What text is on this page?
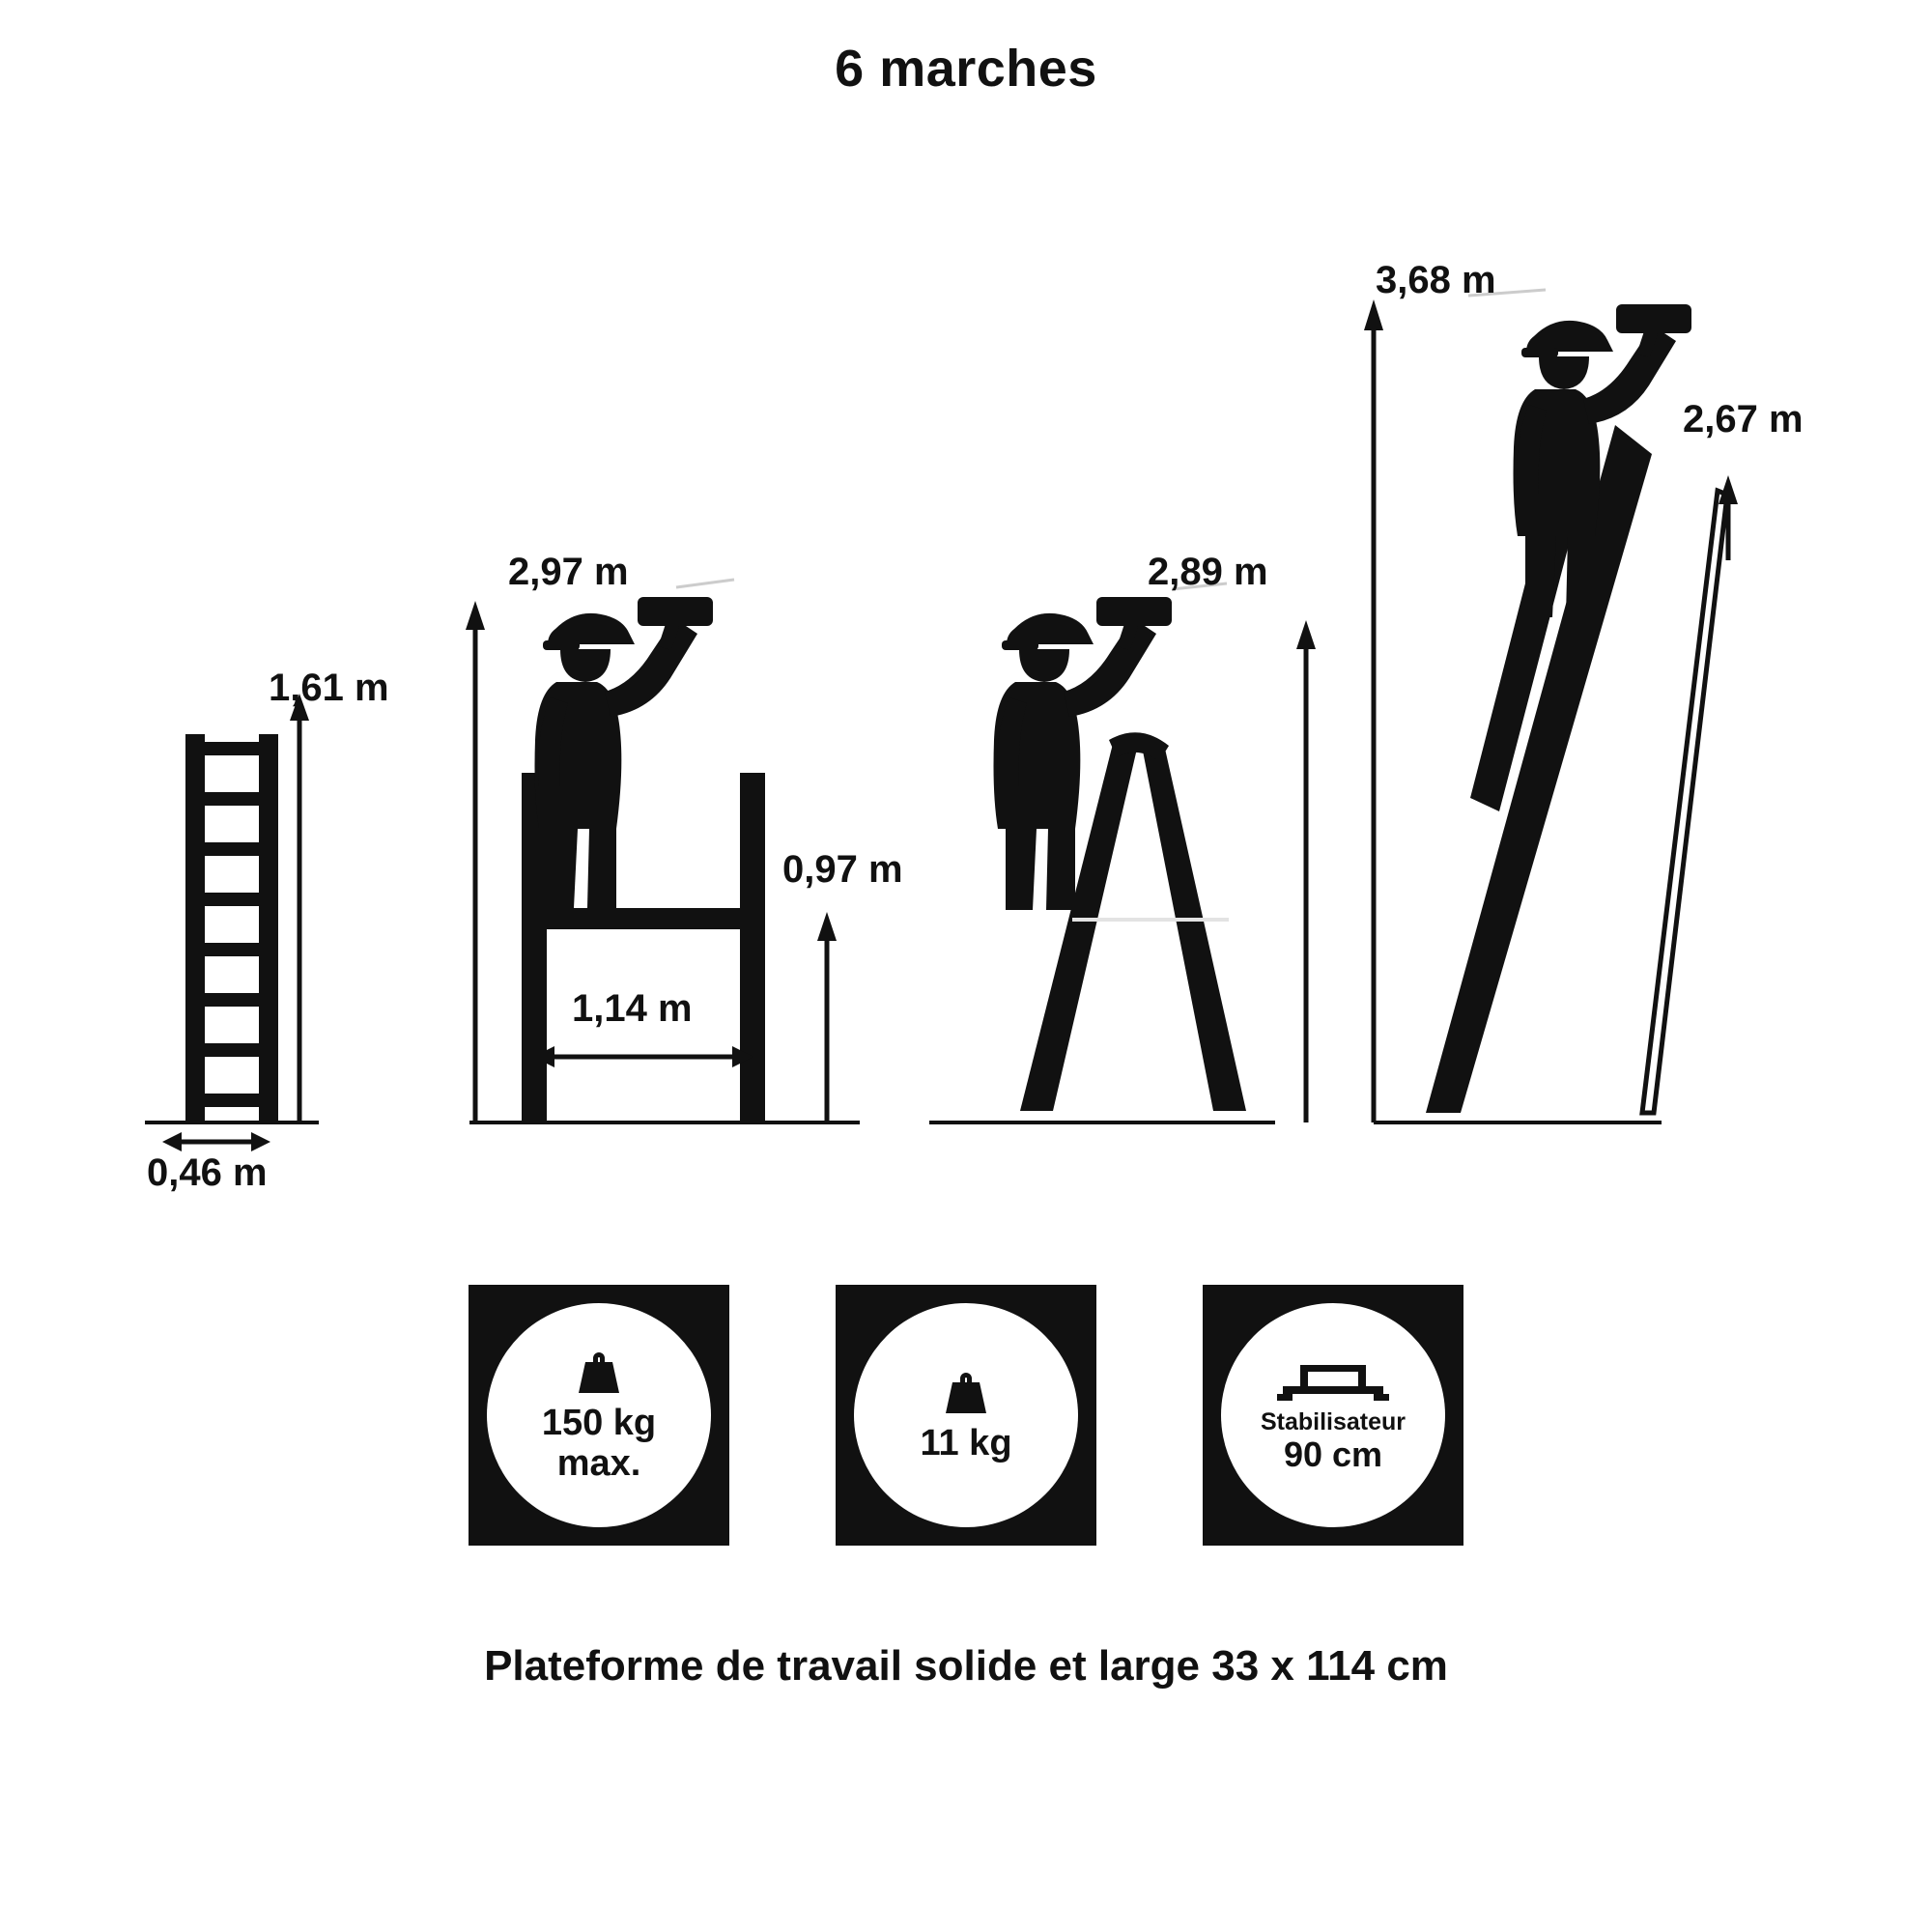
6 marches
1,61 m
0,46 m
2,97 m
0,97 m
1,14 m
2,89 m
3,68 m
2,67 m
150 kg
max.	11 kg
Stabilisateur
90 cm
Plateforme de travail solide et large 33 x 114 cm
